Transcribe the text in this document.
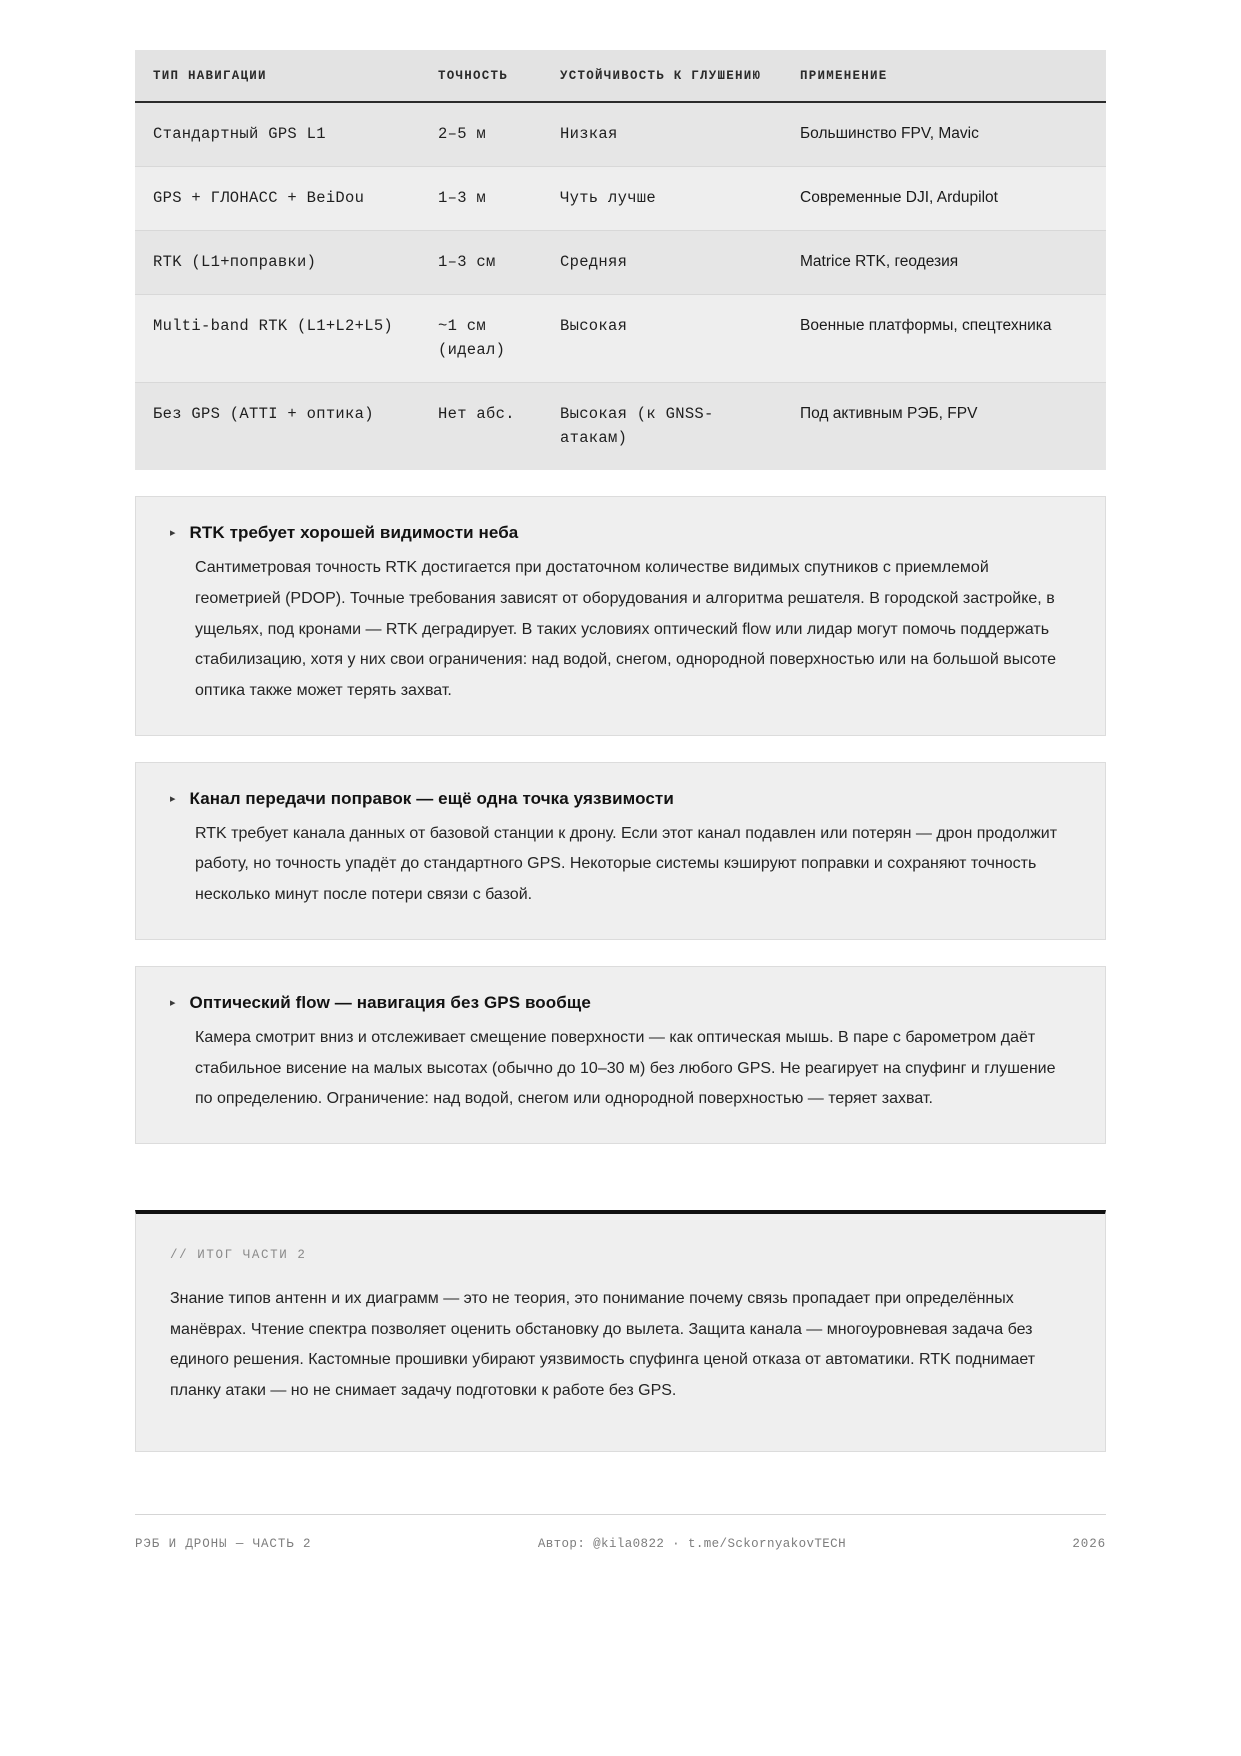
ТИП НАВИГАЦИИ	ТОЧНОСТЬ	УСТОЙЧИВОСТЬ К ГЛУШЕНИЮ	ПРИМЕНЕНИЕ
Стандартный GPS L1	2–5 м	Низкая	Большинство FPV, Mavic
GPS + ГЛОНАСС + BeiDou	1–3 м	Чуть лучше	Современные DJI, Ardupilot
RTK (L1+поправки)	1–3 см	Средняя	Matrice RTK, геодезия
Multi-band RTK (L1+L2+L5)	~1 см (идеал)	Высокая	Военные платформы, спецтехника
Без GPS (ATTI + оптика)	Нет абс.	Высокая (к GNSS-атакам)	Под активным РЭБ, FPV
▸ RTK требует хорошей видимости неба
Сантиметровая точность RTK достигается при достаточном количестве видимых спутников с приемлемой геометрией (PDOP). Точные требования зависят от оборудования и алгоритма решателя. В городской застройке, в ущельях, под кронами — RTK деградирует. В таких условиях оптический flow или лидар могут помочь поддержать стабилизацию, хотя у них свои ограничения: над водой, снегом, однородной поверхностью или на большой высоте оптика также может терять захват.
▸ Канал передачи поправок — ещё одна точка уязвимости
RTK требует канала данных от базовой станции к дрону. Если этот канал подавлен или потерян — дрон продолжит работу, но точность упадёт до стандартного GPS. Некоторые системы кэшируют поправки и сохраняют точность несколько минут после потери связи с базой.
▸ Оптический flow — навигация без GPS вообще
Камера смотрит вниз и отслеживает смещение поверхности — как оптическая мышь. В паре с барометром даёт стабильное висение на малых высотах (обычно до 10–30 м) без любого GPS. Не реагирует на спуфинг и глушение по определению. Ограничение: над водой, снегом или однородной поверхностью — теряет захват.
// ИТОГ ЧАСТИ 2
Знание типов антенн и их диаграмм — это не теория, это понимание почему связь пропадает при определённых манёврах. Чтение спектра позволяет оценить обстановку до вылета. Защита канала — многоуровневая задача без единого решения. Кастомные прошивки убирают уязвимость спуфинга ценой отказа от автоматики. RTK поднимает планку атаки — но не снимает задачу подготовки к работе без GPS.
РЭБ И ДРОНЫ — ЧАСТЬ 2	Автор: @kila0822 · t.me/SckornyakovTECH	2026
